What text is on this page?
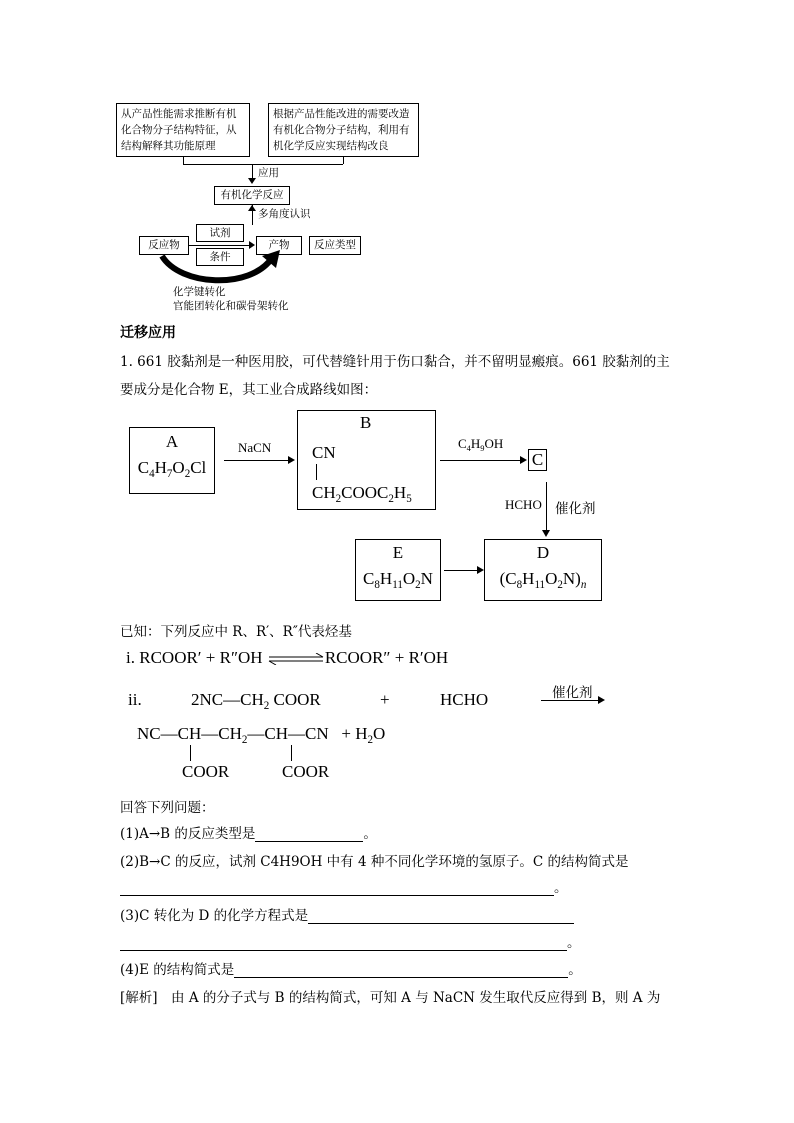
从产品性能需求推断有机化合物分子结构特征，从结构解释其功能原理
根据产品性能改进的需要改造有机化合物分子结构，利用有机化学反应实现结构改良
应用
有机化学反应
多角度认识
反应物
试剂
条件
产物	反应类型
化学键转化
官能团转化和碳骨架转化
迁移应用
1. 661 胶黏剂是一种医用胶，可代替缝针用于伤口黏合，并不留明显瘢痕。661 胶黏剂的主
要成分是化合物 E，其工业合成路线如图：
A
$C_4H_7O_2Cl$
NaCN
B
CN
$CH_2COOC_2H_5$
$C_4H_9OH$
C
HCHO 催化剂
E
$C_8H_{11}O_2N$
D
$(C_8H_{11}O_2N)_n$
已知：下列反应中 R、R′、R″代表烃基
i. RCOOR′ + R″OH ⇌RCOOR″ + R′OH
ii.	$2NC—CH_2$ COOR	+	HCHO	催化剂
$NC—CH—CH_2—CH—CN + H_2O$
COOR	COOR
回答下列问题：
(1)A→B 的反应类型是	。
(2)B→C 的反应，试剂 C4H9OH 中有 4 种不同化学环境的氢原子。C 的结构简式是
。
(3)C 转化为 D 的化学方程式是
。
(4)E 的结构简式是	。
[解析]　由 A 的分子式与 B 的结构简式，可知 A 与 NaCN 发生取代反应得到 B，则 A 为
